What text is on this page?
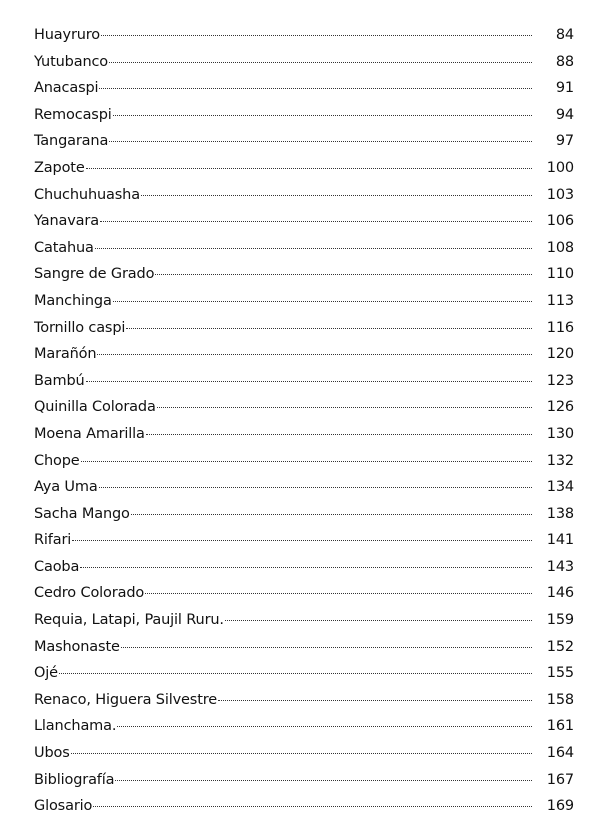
Huayruro	84
Yutubanco	88
Anacaspi	91
Remocaspi	94
Tangarana	97
Zapote	100
Chuchuhuasha	103
Yanavara	106
Catahua	108
Sangre de Grado	110
Manchinga	113
Tornillo caspi	116
Marañón	120
Bambú	123
Quinilla Colorada	126
Moena Amarilla	130
Chope	132
Aya Uma	134
Sacha Mango	138
Rifari	141
Caoba	143
Cedro Colorado	146
Requia, Latapi, Paujil Ruru.	159
Mashonaste	152
Ojé	155
Renaco, Higuera Silvestre	158
Llanchama.	161
Ubos	164
Bibliografía	167
Glosario	169
